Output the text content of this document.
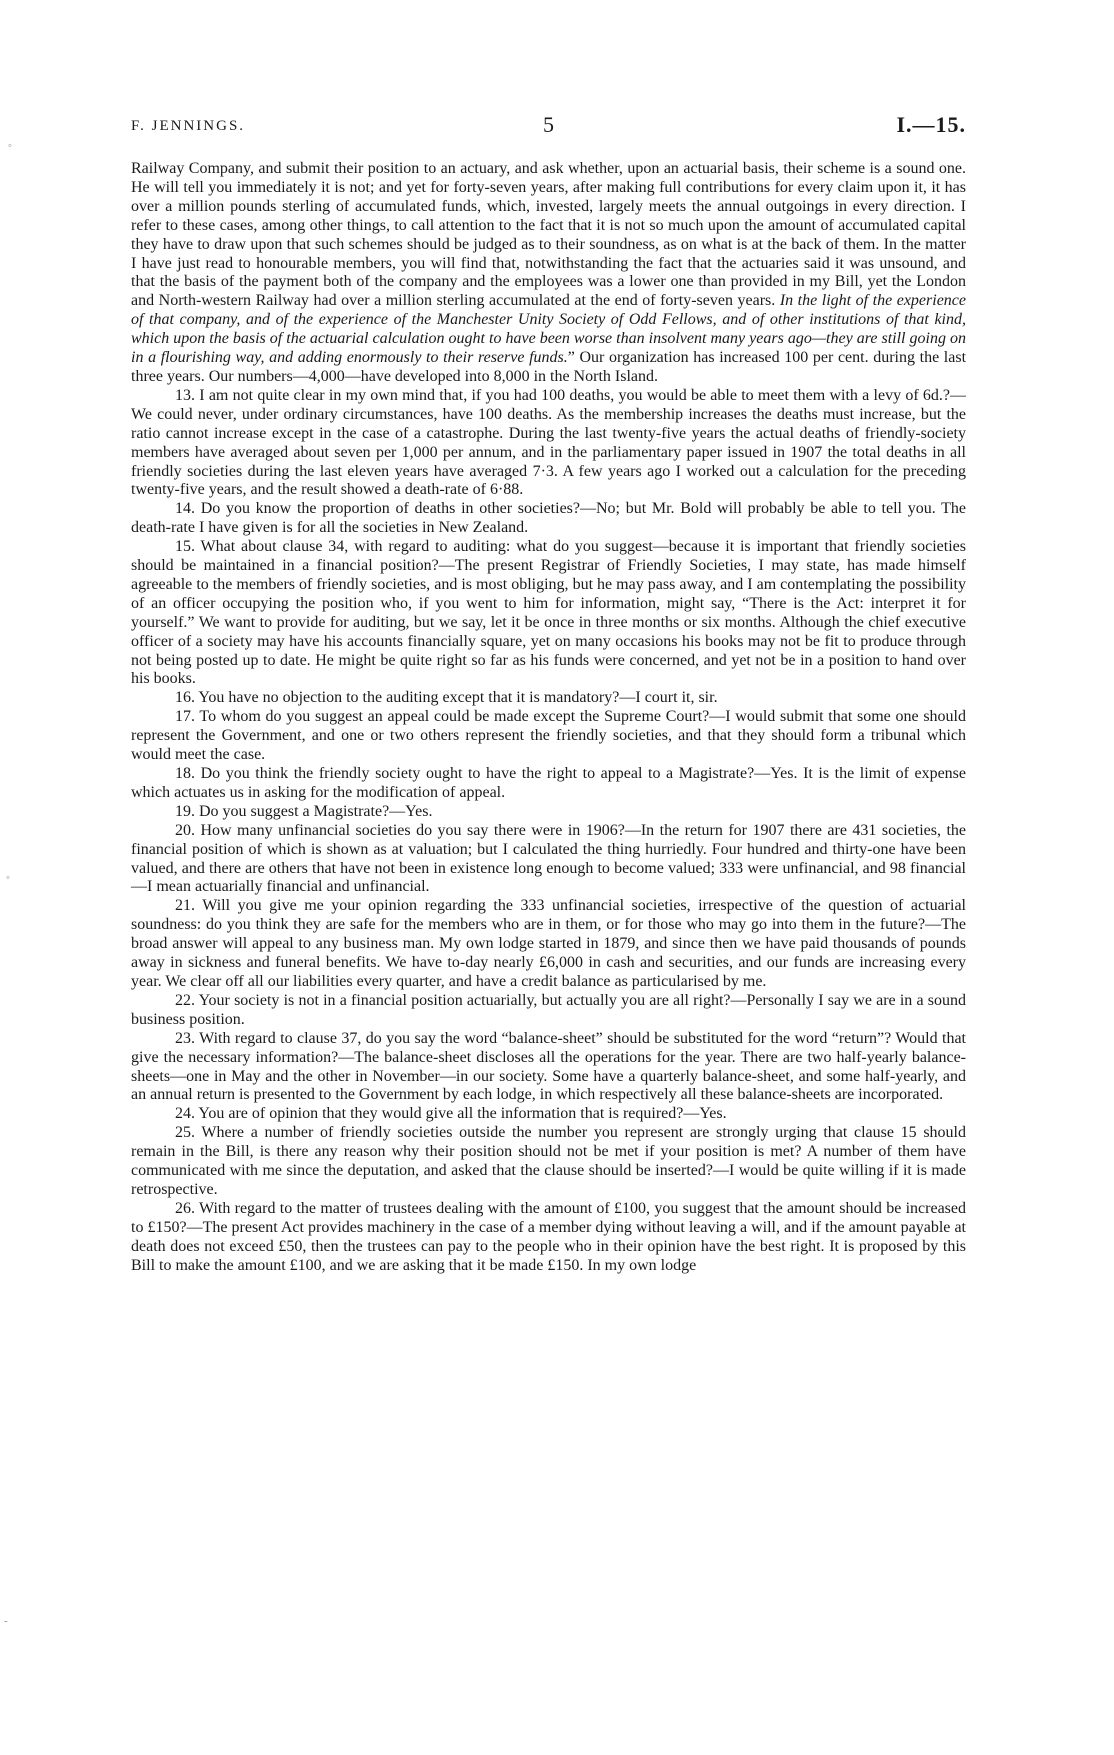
◦
◦
-
F. JENNINGS.	5	I.—15.

Railway Company, and submit their position to an actuary, and ask whether, upon an actuarial basis, their scheme is a sound one. He will tell you immediately it is not; and yet for forty-seven years, after making full contributions for every claim upon it, it has over a million pounds sterling of accumulated funds, which, invested, largely meets the annual outgoings in every direction. I refer to these cases, among other things, to call attention to the fact that it is not so much upon the amount of accumulated capital they have to draw upon that such schemes should be judged as to their soundness, as on what is at the back of them. In the matter I have just read to honourable members, you will find that, notwithstanding the fact that the actuaries said it was unsound, and that the basis of the payment both of the company and the employees was a lower one than provided in my Bill, yet the London and North-western Railway had over a million sterling accumulated at the end of forty-seven years. In the light of the experience of that company, and of the experience of the Manchester Unity Society of Odd Fellows, and of other institutions of that kind, which upon the basis of the actuarial calculation ought to have been worse than insolvent many years ago—they are still going on in a flourishing way, and adding enormously to their reserve funds.” Our organization has increased 100 per cent. during the last three years. Our numbers—4,000—have developed into 8,000 in the North Island.

13. I am not quite clear in my own mind that, if you had 100 deaths, you would be able to meet them with a levy of 6d.?—We could never, under ordinary circumstances, have 100 deaths. As the membership increases the deaths must increase, but the ratio cannot increase except in the case of a catastrophe. During the last twenty-five years the actual deaths of friendly-society members have averaged about seven per 1,000 per annum, and in the parliamentary paper issued in 1907 the total deaths in all friendly societies during the last eleven years have averaged 7·3. A few years ago I worked out a calculation for the preceding twenty-five years, and the result showed a death-rate of 6·88.

14. Do you know the proportion of deaths in other societies?—No; but Mr. Bold will probably be able to tell you. The death-rate I have given is for all the societies in New Zealand.

15. What about clause 34, with regard to auditing: what do you suggest—because it is important that friendly societies should be maintained in a financial position?—The present Registrar of Friendly Societies, I may state, has made himself agreeable to the members of friendly societies, and is most obliging, but he may pass away, and I am contemplating the possibility of an officer occupying the position who, if you went to him for information, might say, “There is the Act: interpret it for yourself.” We want to provide for auditing, but we say, let it be once in three months or six months. Although the chief executive officer of a society may have his accounts financially square, yet on many occasions his books may not be fit to produce through not being posted up to date. He might be quite right so far as his funds were concerned, and yet not be in a position to hand over his books.

16. You have no objection to the auditing except that it is mandatory?—I court it, sir.

17. To whom do you suggest an appeal could be made except the Supreme Court?—I would submit that some one should represent the Government, and one or two others represent the friendly societies, and that they should form a tribunal which would meet the case.

18. Do you think the friendly society ought to have the right to appeal to a Magistrate?—Yes. It is the limit of expense which actuates us in asking for the modification of appeal.

19. Do you suggest a Magistrate?—Yes.

20. How many unfinancial societies do you say there were in 1906?—In the return for 1907 there are 431 societies, the financial position of which is shown as at valuation; but I calculated the thing hurriedly. Four hundred and thirty-one have been valued, and there are others that have not been in existence long enough to become valued; 333 were unfinancial, and 98 financial —I mean actuarially financial and unfinancial.

21. Will you give me your opinion regarding the 333 unfinancial societies, irrespective of the question of actuarial soundness: do you think they are safe for the members who are in them, or for those who may go into them in the future?—The broad answer will appeal to any business man. My own lodge started in 1879, and since then we have paid thousands of pounds away in sickness and funeral benefits. We have to-day nearly £6,000 in cash and securities, and our funds are increasing every year. We clear off all our liabilities every quarter, and have a credit balance as particularised by me.

22. Your society is not in a financial position actuarially, but actually you are all right?—Personally I say we are in a sound business position.

23. With regard to clause 37, do you say the word “balance-sheet” should be substituted for the word “return”? Would that give the necessary information?—The balance-sheet discloses all the operations for the year. There are two half-yearly balance-sheets—one in May and the other in November—in our society. Some have a quarterly balance-sheet, and some half-yearly, and an annual return is presented to the Government by each lodge, in which respectively all these balance-sheets are incorporated.

24. You are of opinion that they would give all the information that is required?—Yes.

25. Where a number of friendly societies outside the number you represent are strongly urging that clause 15 should remain in the Bill, is there any reason why their position should not be met if your position is met? A number of them have communicated with me since the deputation, and asked that the clause should be inserted?—I would be quite willing if it is made retrospective.

26. With regard to the matter of trustees dealing with the amount of £100, you suggest that the amount should be increased to £150?—The present Act provides machinery in the case of a member dying without leaving a will, and if the amount payable at death does not exceed £50, then the trustees can pay to the people who in their opinion have the best right. It is proposed by this Bill to make the amount £100, and we are asking that it be made £150. In my own lodge
